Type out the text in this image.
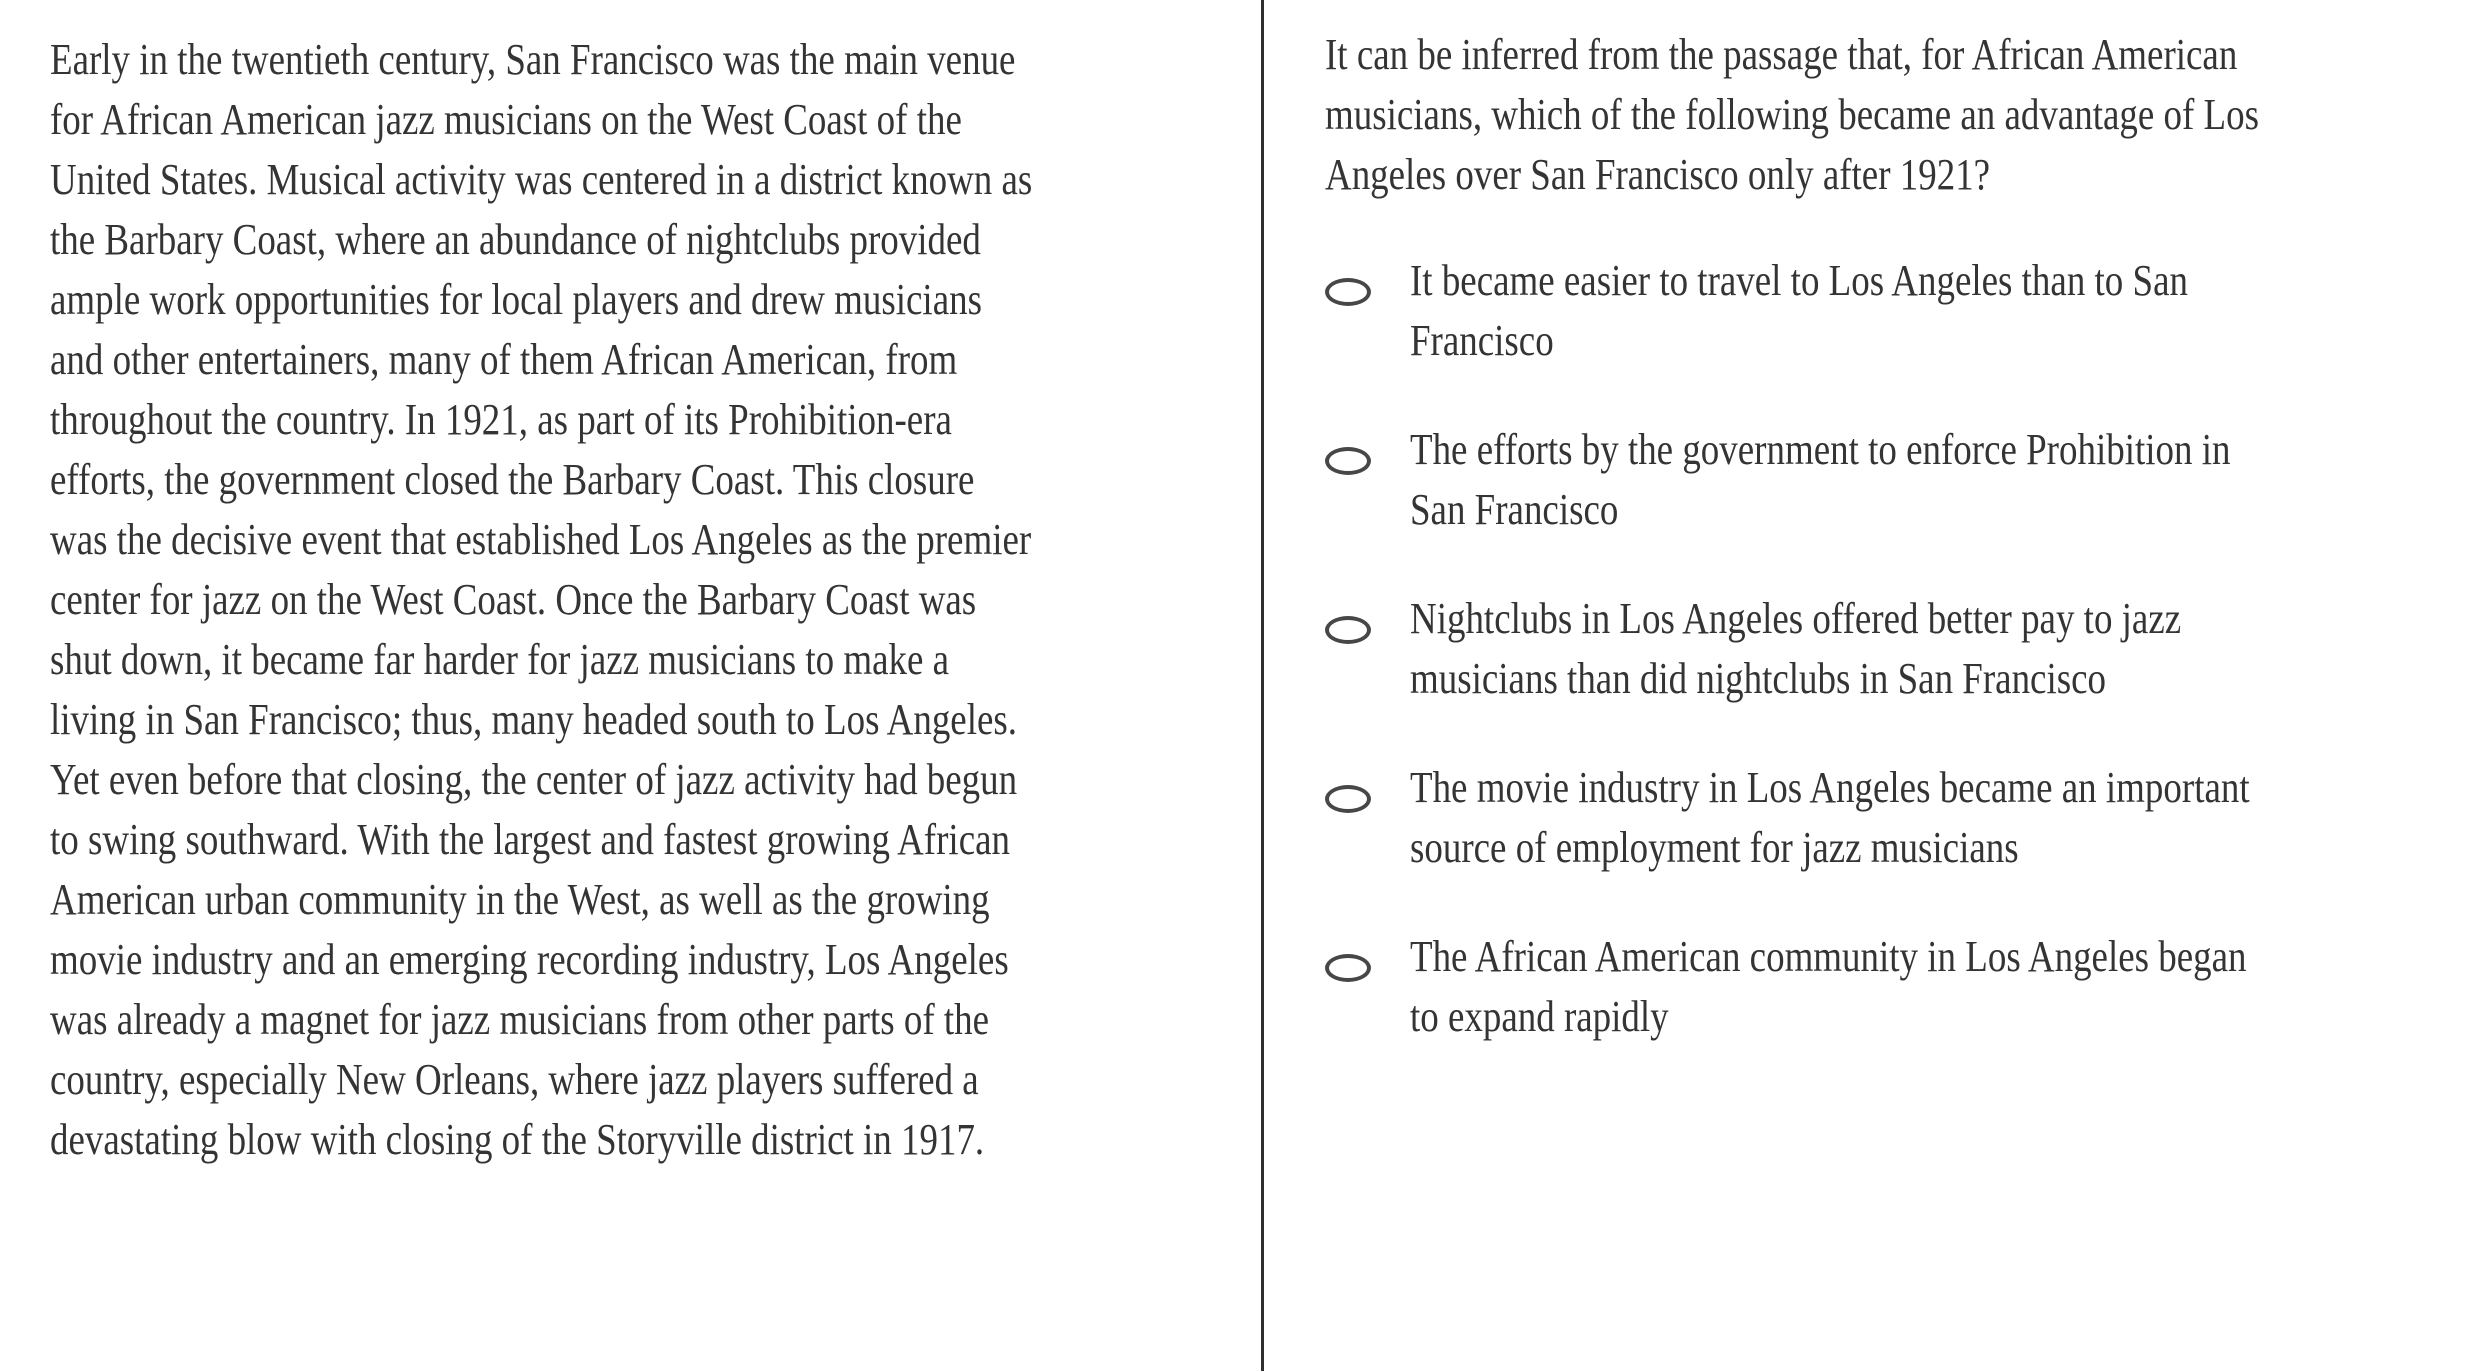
Early in the twentieth century, San Francisco was the main venue
for African American jazz musicians on the West Coast of the
United States. Musical activity was centered in a district known as
the Barbary Coast, where an abundance of nightclubs provided
ample work opportunities for local players and drew musicians
and other entertainers, many of them African American, from
throughout the country. In 1921, as part of its Prohibition-era
efforts, the government closed the Barbary Coast. This closure
was the decisive event that established Los Angeles as the premier
center for jazz on the West Coast. Once the Barbary Coast was
shut down, it became far harder for jazz musicians to make a
living in San Francisco; thus, many headed south to Los Angeles.
Yet even before that closing, the center of jazz activity had begun
to swing southward. With the largest and fastest growing African
American urban community in the West, as well as the growing
movie industry and an emerging recording industry, Los Angeles
was already a magnet for jazz musicians from other parts of the
country, especially New Orleans, where jazz players suffered a
devastating blow with closing of the Storyville district in 1917.
It can be inferred from the passage that, for African American
musicians, which of the following became an advantage of Los
Angeles over San Francisco only after 1921?
It became easier to travel to Los Angeles than to San
Francisco
The efforts by the government to enforce Prohibition in
San Francisco
Nightclubs in Los Angeles offered better pay to jazz
musicians than did nightclubs in San Francisco
The movie industry in Los Angeles became an important
source of employment for jazz musicians
The African American community in Los Angeles began
to expand rapidly
